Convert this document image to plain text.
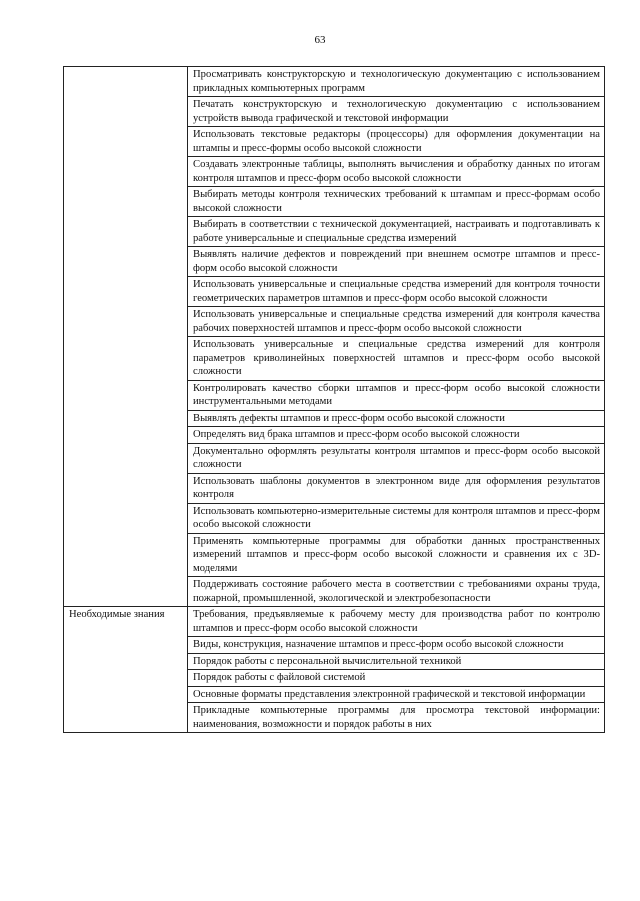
63
	Просматривать конструкторскую и технологическую документацию с использованием прикладных компьютерных программ
	Печатать конструкторскую и технологическую документацию с использованием устройств вывода графической и текстовой информации
	Использовать текстовые редакторы (процессоры) для оформления документации на штампы и пресс-формы особо высокой сложности
	Создавать электронные таблицы, выполнять вычисления и обработку данных по итогам контроля штампов и пресс-форм особо высокой сложности
	Выбирать методы контроля технических требований к штампам и пресс-формам особо высокой сложности
	Выбирать в соответствии с технической документацией, настраивать и подготавливать к работе универсальные и специальные средства измерений
	Выявлять наличие дефектов и повреждений при внешнем осмотре штампов и пресс-форм особо высокой сложности
	Использовать универсальные и специальные средства измерений для контроля точности геометрических параметров штампов и пресс-форм особо высокой сложности
	Использовать универсальные и специальные средства измерений для контроля качества рабочих поверхностей штампов и пресс-форм особо высокой сложности
	Использовать универсальные и специальные средства измерений для контроля параметров криволинейных поверхностей штампов и пресс-форм особо высокой сложности
	Контролировать качество сборки штампов и пресс-форм особо высокой сложности инструментальными методами
	Выявлять дефекты штампов и пресс-форм особо высокой сложности
	Определять вид брака штампов и пресс-форм особо высокой сложности
	Документально оформлять результаты контроля штампов и пресс-форм особо высокой сложности
	Использовать шаблоны документов в электронном виде для оформления результатов контроля
	Использовать компьютерно-измерительные системы для контроля штампов и пресс-форм особо высокой сложности
	Применять компьютерные программы для обработки данных пространственных измерений штампов и пресс-форм особо высокой сложности и сравнения их с 3D-моделями
	Поддерживать состояние рабочего места в соответствии с требованиями охраны труда, пожарной, промышленной, экологической и электробезопасности
Необходимые знания	Требования, предъявляемые к рабочему месту для производства работ по контролю штампов и пресс-форм особо высокой сложности
	Виды, конструкция, назначение штампов и пресс-форм особо высокой сложности
	Порядок работы с персональной вычислительной техникой
	Порядок работы с файловой системой
	Основные форматы представления электронной графической и текстовой информации
	Прикладные компьютерные программы для просмотра текстовой информации: наименования, возможности и порядок работы в них
